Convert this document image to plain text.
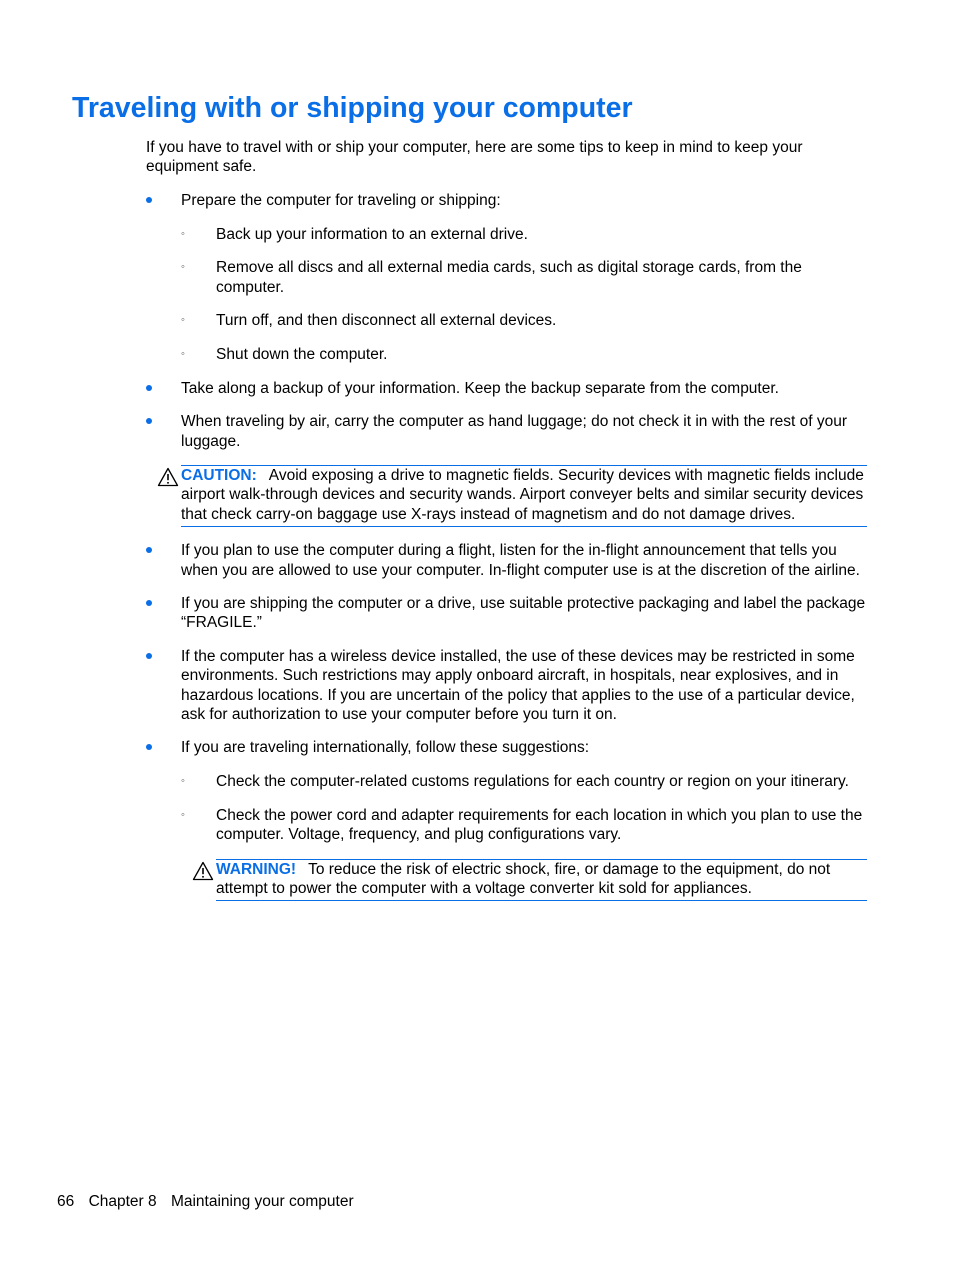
Traveling with or shipping your computer

If you have to travel with or ship your computer, here are some tips to keep in mind to keep your equipment safe.

Prepare the computer for traveling or shipping:
◦ Back up your information to an external drive.
◦ Remove all discs and all external media cards, such as digital storage cards, from the computer.
◦ Turn off, and then disconnect all external devices.
◦ Shut down the computer.
Take along a backup of your information. Keep the backup separate from the computer.
When traveling by air, carry the computer as hand luggage; do not check it in with the rest of your luggage.
CAUTION: Avoid exposing a drive to magnetic fields. Security devices with magnetic fields include airport walk-through devices and security wands. Airport conveyer belts and similar security devices that check carry-on baggage use X-rays instead of magnetism and do not damage drives.
If you plan to use the computer during a flight, listen for the in-flight announcement that tells you when you are allowed to use your computer. In-flight computer use is at the discretion of the airline.
If you are shipping the computer or a drive, use suitable protective packaging and label the package “FRAGILE.”
If the computer has a wireless device installed, the use of these devices may be restricted in some environments. Such restrictions may apply onboard aircraft, in hospitals, near explosives, and in hazardous locations. If you are uncertain of the policy that applies to the use of a particular device, ask for authorization to use your computer before you turn it on.
If you are traveling internationally, follow these suggestions:
◦ Check the computer-related customs regulations for each country or region on your itinerary.
◦ Check the power cord and adapter requirements for each location in which you plan to use the computer. Voltage, frequency, and plug configurations vary.
WARNING! To reduce the risk of electric shock, fire, or damage to the equipment, do not attempt to power the computer with a voltage converter kit sold for appliances.
66 Chapter 8 Maintaining your computer
